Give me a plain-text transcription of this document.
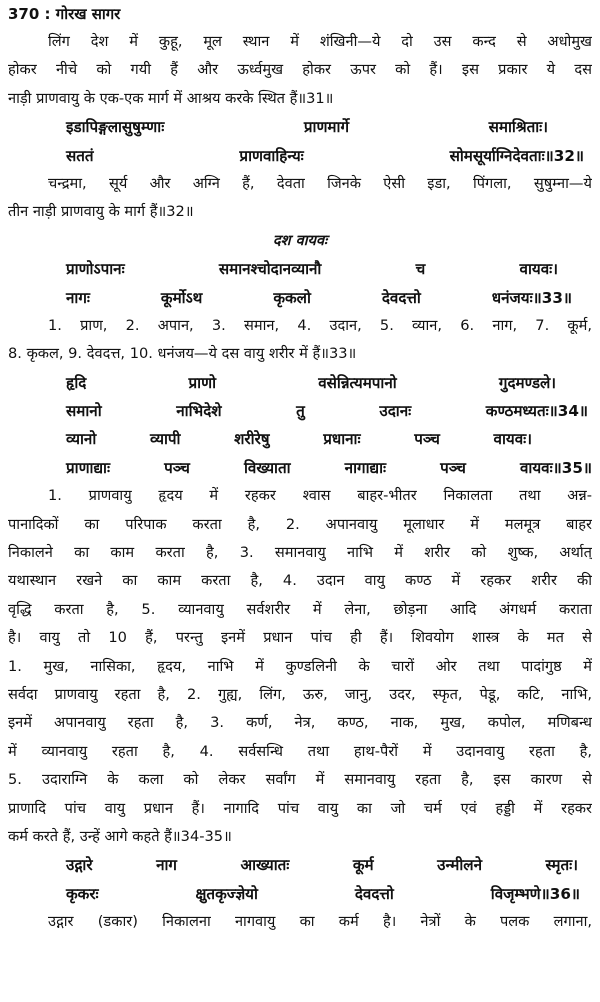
370 : गोरख सागर
लिंग देश में कुहू, मूल स्थान में शंखिनी—ये दो उस कन्द से अधोमुख
होकर नीचे को गयी हैं और ऊर्ध्वमुख होकर ऊपर को हैं। इस प्रकार ये दस
नाड़ी प्राणवायु के एक-एक मार्ग में आश्रय करके स्थित हैं॥31॥
इडापिङ्गलासुषुम्णाः प्राणमार्गे समाश्रिताः।
सततं प्राणवाहिन्यः सोमसूर्याग्निदेवताः॥32॥
चन्द्रमा, सूर्य और अग्नि हैं, देवता जिनके ऐसी इडा, पिंगला, सुषुम्ना—ये
तीन नाड़ी प्राणवायु के मार्ग हैं॥32॥
दश वायवः
प्राणोऽपानः समानश्चोदानव्यानौ च वायवः।
नागः कूर्मोऽथ कृकलो देवदत्तो धनंजयः॥33॥
1. प्राण, 2. अपान, 3. समान, 4. उदान, 5. व्यान, 6. नाग, 7. कूर्म,
8. कृकल, 9. देवदत्त, 10. धनंजय—ये दस वायु शरीर में हैं॥33॥
हृदि प्राणो वसेन्नित्यमपानो गुदमण्डले।
समानो नाभिदेशे तु उदानः कण्ठमध्यतः॥34॥
व्यानो व्यापी शरीरेषु प्रधानाः पञ्च वायवः।
प्राणाद्याः पञ्च विख्याता नागाद्याः पञ्च वायवः॥35॥
1. प्राणवायु हृदय में रहकर श्वास बाहर-भीतर निकालता तथा अन्न-
पानादिकों का परिपाक करता है, 2. अपानवायु मूलाधार में मलमूत्र बाहर
निकालने का काम करता है, 3. समानवायु नाभि में शरीर को शुष्क, अर्थात्
यथास्थान रखने का काम करता है, 4. उदान वायु कण्ठ में रहकर शरीर की
वृद्धि करता है, 5. व्यानवायु सर्वशरीर में लेना, छोड़ना आदि अंगधर्म कराता
है। वायु तो 10 हैं, परन्तु इनमें प्रधान पांच ही हैं। शिवयोग शास्त्र के मत से
1. मुख, नासिका, हृदय, नाभि में कुण्डलिनी के चारों ओर तथा पादांगुष्ठ में
सर्वदा प्राणवायु रहता है, 2. गुह्य, लिंग, ऊरु, जानु, उदर, स्फृत, पेडू, कटि, नाभि,
इनमें अपानवायु रहता है, 3. कर्ण, नेत्र, कण्ठ, नाक, मुख, कपोल, मणिबन्ध
में व्यानवायु रहता है, 4. सर्वसन्धि तथा हाथ-पैरों में उदानवायु रहता है,
5. उदाराग्नि के कला को लेकर सर्वांग में समानवायु रहता है, इस कारण से
प्राणादि पांच वायु प्रधान हैं। नागादि पांच वायु का जो चर्म एवं हड्डी में रहकर
कर्म करते हैं, उन्हें आगे कहते हैं॥34-35॥
उद्गारे नाग आख्यातः कूर्म उन्मीलने स्मृतः।
कृकरः क्षुतकृज्ज्ञेयो देवदत्तो विजृम्भणे॥36॥
उद्गार (डकार) निकालना नागवायु का कर्म है। नेत्रों के पलक लगाना,
